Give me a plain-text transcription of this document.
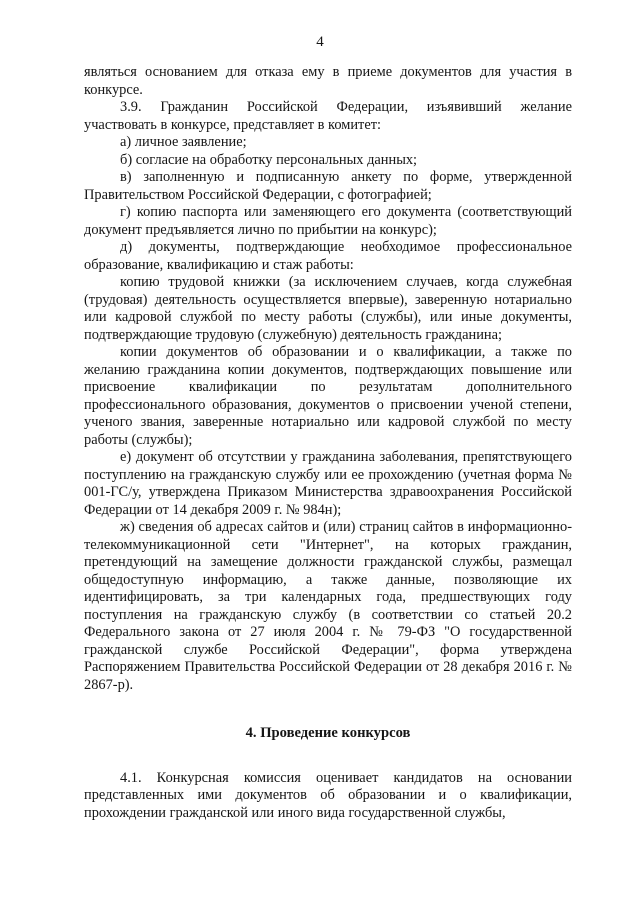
4

являться основанием для отказа ему в приеме документов для участия в конкурсе.

3.9. Гражданин Российской Федерации, изъявивший желание участвовать в конкурсе, представляет в комитет:

а) личное заявление;

б) согласие на обработку персональных данных;

в) заполненную и подписанную анкету по форме, утвержденной Правительством Российской Федерации, с фотографией;

г) копию паспорта или заменяющего его документа (соответствующий документ предъявляется лично по прибытии на конкурс);

д) документы, подтверждающие необходимое профессиональное образование, квалификацию и стаж работы:

копию трудовой книжки (за исключением случаев, когда служебная (трудовая) деятельность осуществляется впервые), заверенную нотариально или кадровой службой по месту работы (службы), или иные документы, подтверждающие трудовую (служебную) деятельность гражданина;

копии документов об образовании и о квалификации, а также по желанию гражданина копии документов, подтверждающих повышение или присвоение квалификации по результатам дополнительного профессионального образования, документов о присвоении ученой степени, ученого звания, заверенные нотариально или кадровой службой по месту работы (службы);

е) документ об отсутствии у гражданина заболевания, препятствующего поступлению на гражданскую службу или ее прохождению (учетная форма № 001-ГС/у, утверждена Приказом Министерства здравоохранения Российской Федерации от 14 декабря 2009 г. № 984н);

ж) сведения об адресах сайтов и (или) страниц сайтов в информационно-телекоммуникационной сети "Интернет", на которых гражданин, претендующий на замещение должности гражданской службы, размещал общедоступную информацию, а также данные, позволяющие их идентифицировать, за три календарных года, предшествующих году поступления на гражданскую службу (в соответствии со статьей 20.2 Федерального закона от 27 июля 2004 г. № 79-ФЗ "О государственной гражданской службе Российской Федерации", форма утверждена Распоряжением Правительства Российской Федерации от 28 декабря 2016 г. № 2867-р).

4. Проведение конкурсов

4.1. Конкурсная комиссия оценивает кандидатов на основании представленных ими документов об образовании и о квалификации, прохождении гражданской или иного вида государственной службы,
